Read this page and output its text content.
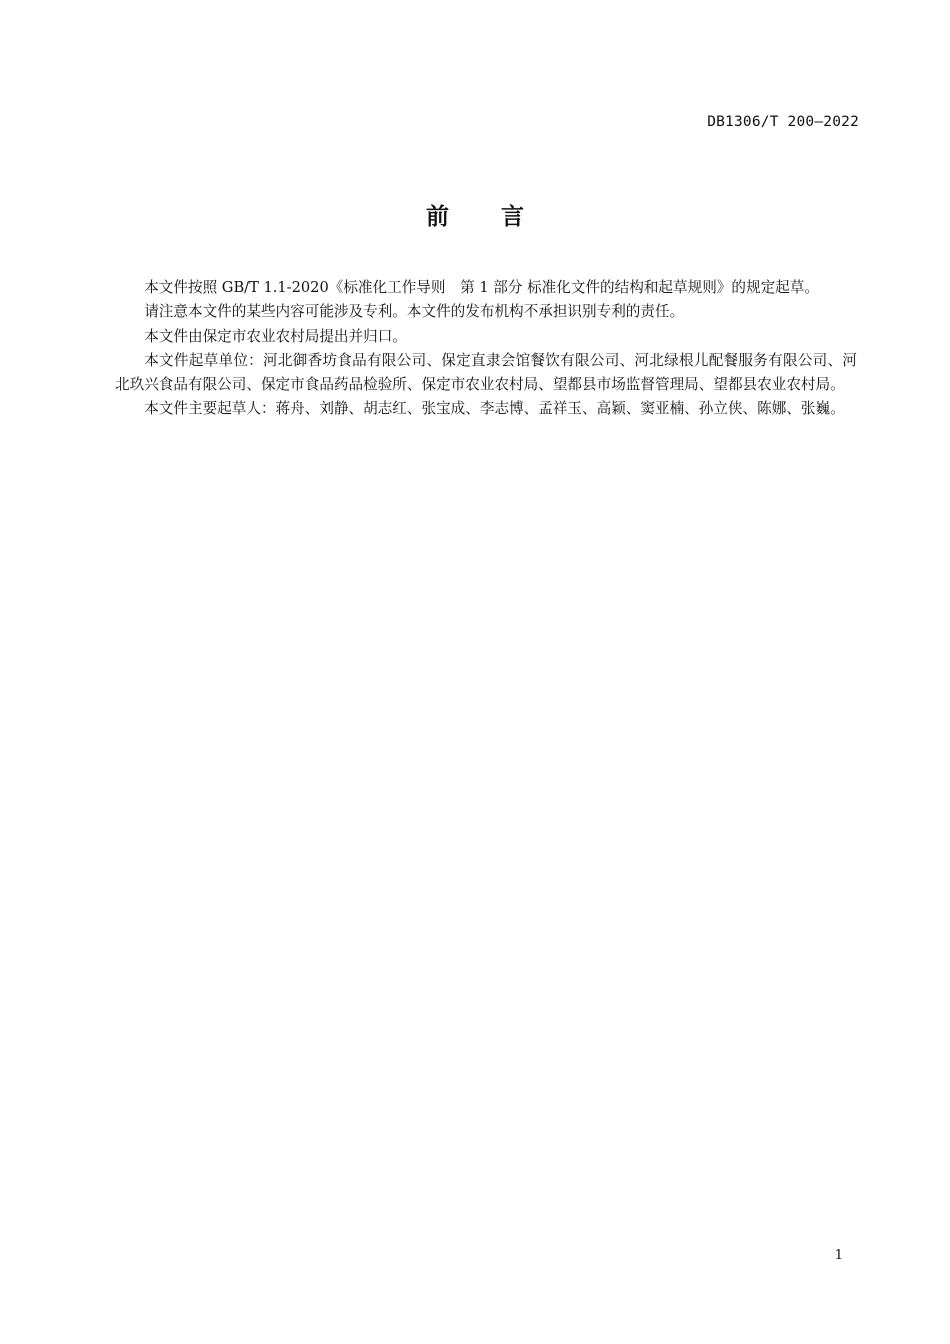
DB1306/T 200—2022
前 言

本文件按照 GB/T 1.1-2020《标准化工作导则　第 1 部分 标准化文件的结构和起草规则》的规定起草。

请注意本文件的某些内容可能涉及专利。本文件的发布机构不承担识别专利的责任。

本文件由保定市农业农村局提出并归口。

本文件起草单位：河北御香坊食品有限公司、保定直隶会馆餐饮有限公司、河北绿根儿配餐服务有限公司、河北玖兴食品有限公司、保定市食品药品检验所、保定市农业农村局、望都县市场监督管理局、望都县农业农村局。

本文件主要起草人：蒋舟、刘静、胡志红、张宝成、李志博、孟祥玉、高颖、窦亚楠、孙立侠、陈娜、张巍。

1
